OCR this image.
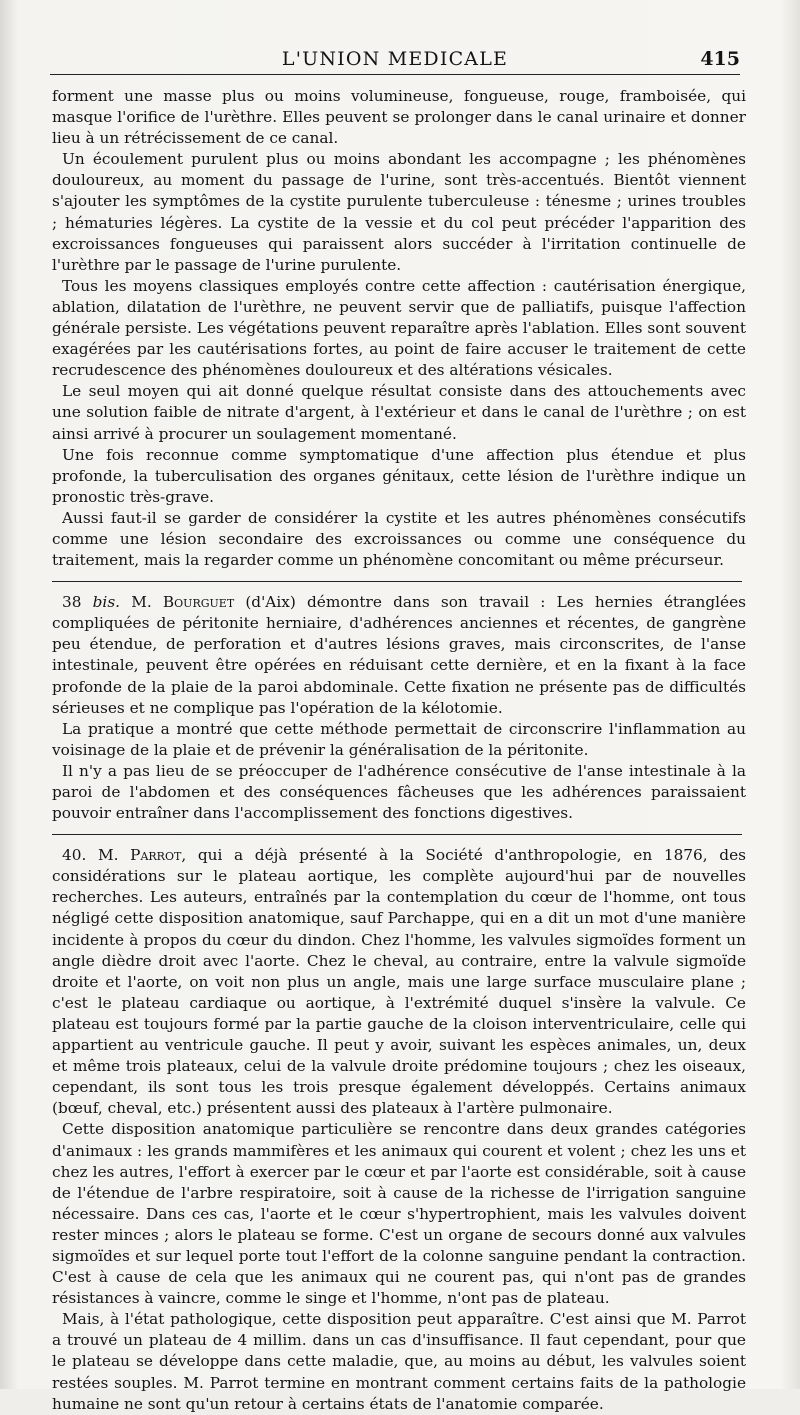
L'UNION MEDICALE	415

forment une masse plus ou moins volumineuse, fongueuse, rouge, framboisée, qui masque l'orifice de l'urèthre. Elles peuvent se prolonger dans le canal urinaire et donner lieu à un rétrécissement de ce canal.

Un écoulement purulent plus ou moins abondant les accompagne ; les phénomènes douloureux, au moment du passage de l'urine, sont très-accentués. Bientôt viennent s'ajouter les symptômes de la cystite purulente tuberculeuse : ténesme ; urines troubles ; hématuries légères. La cystite de la vessie et du col peut précéder l'apparition des excroissances fongueuses qui paraissent alors succéder à l'irritation continuelle de l'urèthre par le passage de l'urine purulente.

Tous les moyens classiques employés contre cette affection : cautérisation énergique, ablation, dilatation de l'urèthre, ne peuvent servir que de palliatifs, puisque l'affection générale persiste. Les végétations peuvent reparaître après l'ablation. Elles sont souvent exagérées par les cautérisations fortes, au point de faire accuser le traitement de cette recrudescence des phénomènes douloureux et des altérations vésicales.

Le seul moyen qui ait donné quelque résultat consiste dans des attouchements avec une solution faible de nitrate d'argent, à l'extérieur et dans le canal de l'urèthre ; on est ainsi arrivé à procurer un soulagement momentané.

Une fois reconnue comme symptomatique d'une affection plus étendue et plus profonde, la tuberculisation des organes génitaux, cette lésion de l'urèthre indique un pronostic très-grave.

Aussi faut-il se garder de considérer la cystite et les autres phénomènes consécutifs comme une lésion secondaire des excroissances ou comme une conséquence du traitement, mais la regarder comme un phénomène concomitant ou même précurseur.

38 bis. M. Bourguet (d'Aix) démontre dans son travail : Les hernies étranglées compliquées de péritonite herniaire, d'adhérences anciennes et récentes, de gangrène peu étendue, de perforation et d'autres lésions graves, mais circonscrites, de l'anse intestinale, peuvent être opérées en réduisant cette dernière, et en la fixant à la face profonde de la plaie de la paroi abdominale. Cette fixation ne présente pas de difficultés sérieuses et ne complique pas l'opération de la kélotomie.

La pratique a montré que cette méthode permettait de circonscrire l'inflammation au voisinage de la plaie et de prévenir la généralisation de la péritonite.

Il n'y a pas lieu de se préoccuper de l'adhérence consécutive de l'anse intestinale à la paroi de l'abdomen et des conséquences fâcheuses que les adhérences paraissaient pouvoir entraîner dans l'accomplissement des fonctions digestives.

40. M. Parrot, qui a déjà présenté à la Société d'anthropologie, en 1876, des considérations sur le plateau aortique, les complète aujourd'hui par de nouvelles recherches. Les auteurs, entraînés par la contemplation du cœur de l'homme, ont tous négligé cette disposition anatomique, sauf Parchappe, qui en a dit un mot d'une manière incidente à propos du cœur du dindon. Chez l'homme, les valvules sigmoïdes forment un angle dièdre droit avec l'aorte. Chez le cheval, au contraire, entre la valvule sigmoïde droite et l'aorte, on voit non plus un angle, mais une large surface musculaire plane ; c'est le plateau cardiaque ou aortique, à l'extrémité duquel s'insère la valvule. Ce plateau est toujours formé par la partie gauche de la cloison interventriculaire, celle qui appartient au ventricule gauche. Il peut y avoir, suivant les espèces animales, un, deux et même trois plateaux, celui de la valvule droite prédomine toujours ; chez les oiseaux, cependant, ils sont tous les trois presque également développés. Certains animaux (bœuf, cheval, etc.) présentent aussi des plateaux à l'artère pulmonaire.

Cette disposition anatomique particulière se rencontre dans deux grandes catégories d'animaux : les grands mammifères et les animaux qui courent et volent ; chez les uns et chez les autres, l'effort à exercer par le cœur et par l'aorte est considérable, soit à cause de l'étendue de l'arbre respiratoire, soit à cause de la richesse de l'irrigation sanguine nécessaire. Dans ces cas, l'aorte et le cœur s'hypertrophient, mais les valvules doivent rester minces ; alors le plateau se forme. C'est un organe de secours donné aux valvules sigmoïdes et sur lequel porte tout l'effort de la colonne sanguine pendant la contraction. C'est à cause de cela que les animaux qui ne courent pas, qui n'ont pas de grandes résistances à vaincre, comme le singe et l'homme, n'ont pas de plateau.

Mais, à l'état pathologique, cette disposition peut apparaître. C'est ainsi que M. Parrot a trouvé un plateau de 4 millim. dans un cas d'insuffisance. Il faut cependant, pour que le plateau se développe dans cette maladie, que, au moins au début, les valvules soient restées souples. M. Parrot termine en montrant comment certains faits de la pathologie humaine ne sont qu'un retour à certains états de l'anatomie comparée.
